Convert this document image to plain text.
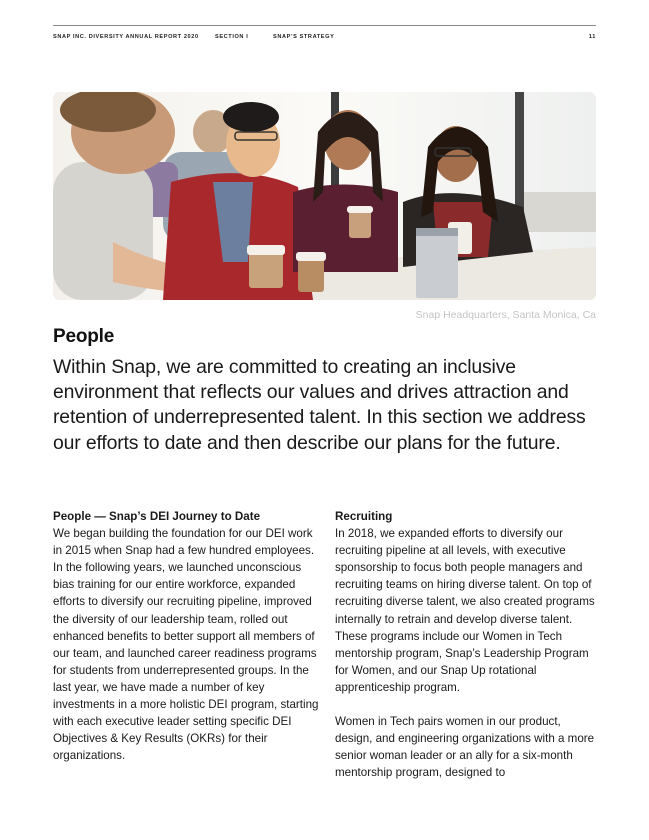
SNAP INC. DIVERSITY ANNUAL REPORT 2020	SECTION I	SNAP’S STRATEGY	11
Snap Headquarters, Santa Monica, Ca
People

Within Snap, we are committed to creating an inclusive environment that reflects our values and drives attraction and retention of underrepresented talent. In this section we address our efforts to date and then describe our plans for the future.

People — Snap’s DEI Journey to Date

We began building the foundation for our DEI work in 2015 when Snap had a few hundred employees. In the following years, we launched unconscious bias training for our entire workforce, expanded efforts to diversify our recruiting pipeline, improved the diversity of our leadership team, rolled out enhanced benefits to better support all members of our team, and launched career readiness programs for students from underrepresented groups. In the last year, we have made a number of key investments in a more holistic DEI program, starting with each executive leader setting specific DEI Objectives & Key Results (OKRs) for their organizations.

Recruiting

In 2018, we expanded efforts to diversify our recruiting pipeline at all levels, with executive sponsorship to focus both people managers and recruiting teams on hiring diverse talent. On top of recruiting diverse talent, we also created programs internally to retrain and develop diverse talent. These programs include our Women in Tech mentorship program, Snap’s Leadership Program for Women, and our Snap Up rotational apprenticeship program.

Women in Tech pairs women in our product, design, and engineering organizations with a more senior woman leader or an ally for a six-month mentorship program, designed to
